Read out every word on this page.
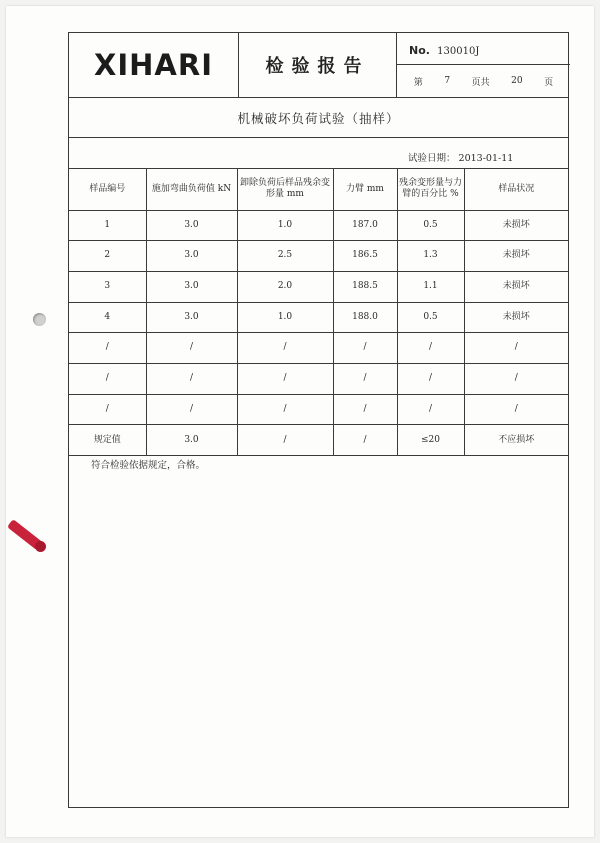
XIHARI	检验报告
No. 130010J
第 7 页共 20 页
机械破坏负荷试验（抽样）
试验日期： 2013-01-11
样品编号	施加弯曲负荷值 kN	卸除负荷后样品残余变形量 mm	力臂 mm	残余变形量与力臂的百分比 %	样品状况
1	3.0	1.0	187.0	0.5	未损坏
2	3.0	2.5	186.5	1.3	未损坏
3	3.0	2.0	188.5	1.1	未损坏
4	3.0	1.0	188.0	0.5	未损坏
/	/	/	/	/	/
/	/	/	/	/	/
/	/	/	/	/	/
规定值	3.0	/	/	≤20	不应损坏
符合检验依据规定，合格。
